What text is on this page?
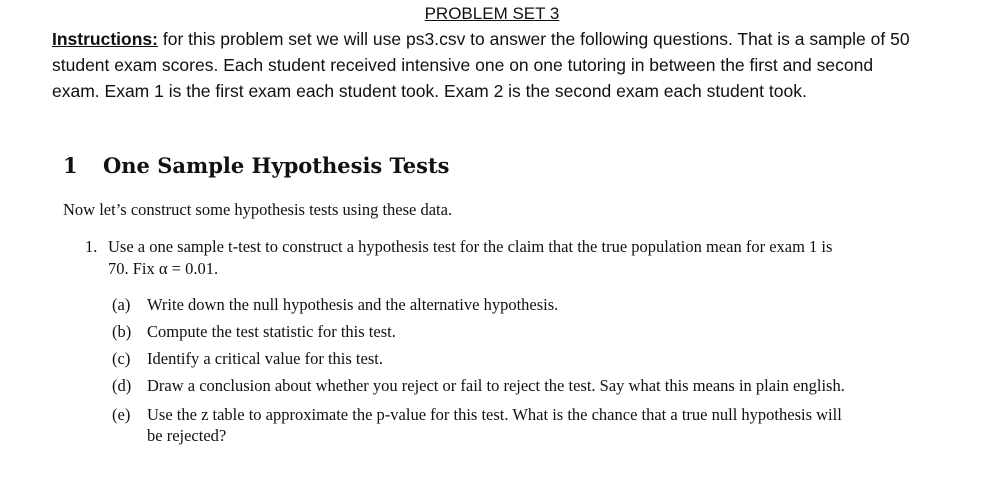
PROBLEM SET 3
Instructions: for this problem set we will use ps3.csv to answer the following questions. That is a sample of 50 student exam scores. Each student received intensive one on one tutoring in between the first and second exam. Exam 1 is the first exam each student took. Exam 2 is the second exam each student took.
1 One Sample Hypothesis Tests
Now let’s construct some hypothesis tests using these data.
1. Use a one sample t-test to construct a hypothesis test for the claim that the true population mean for exam 1 is 70. Fix α = 0.01.
(a) Write down the null hypothesis and the alternative hypothesis.
(b) Compute the test statistic for this test.
(c) Identify a critical value for this test.
(d) Draw a conclusion about whether you reject or fail to reject the test. Say what this means in plain english.
(e) Use the z table to approximate the p-value for this test. What is the chance that a true null hypothesis will be rejected?
